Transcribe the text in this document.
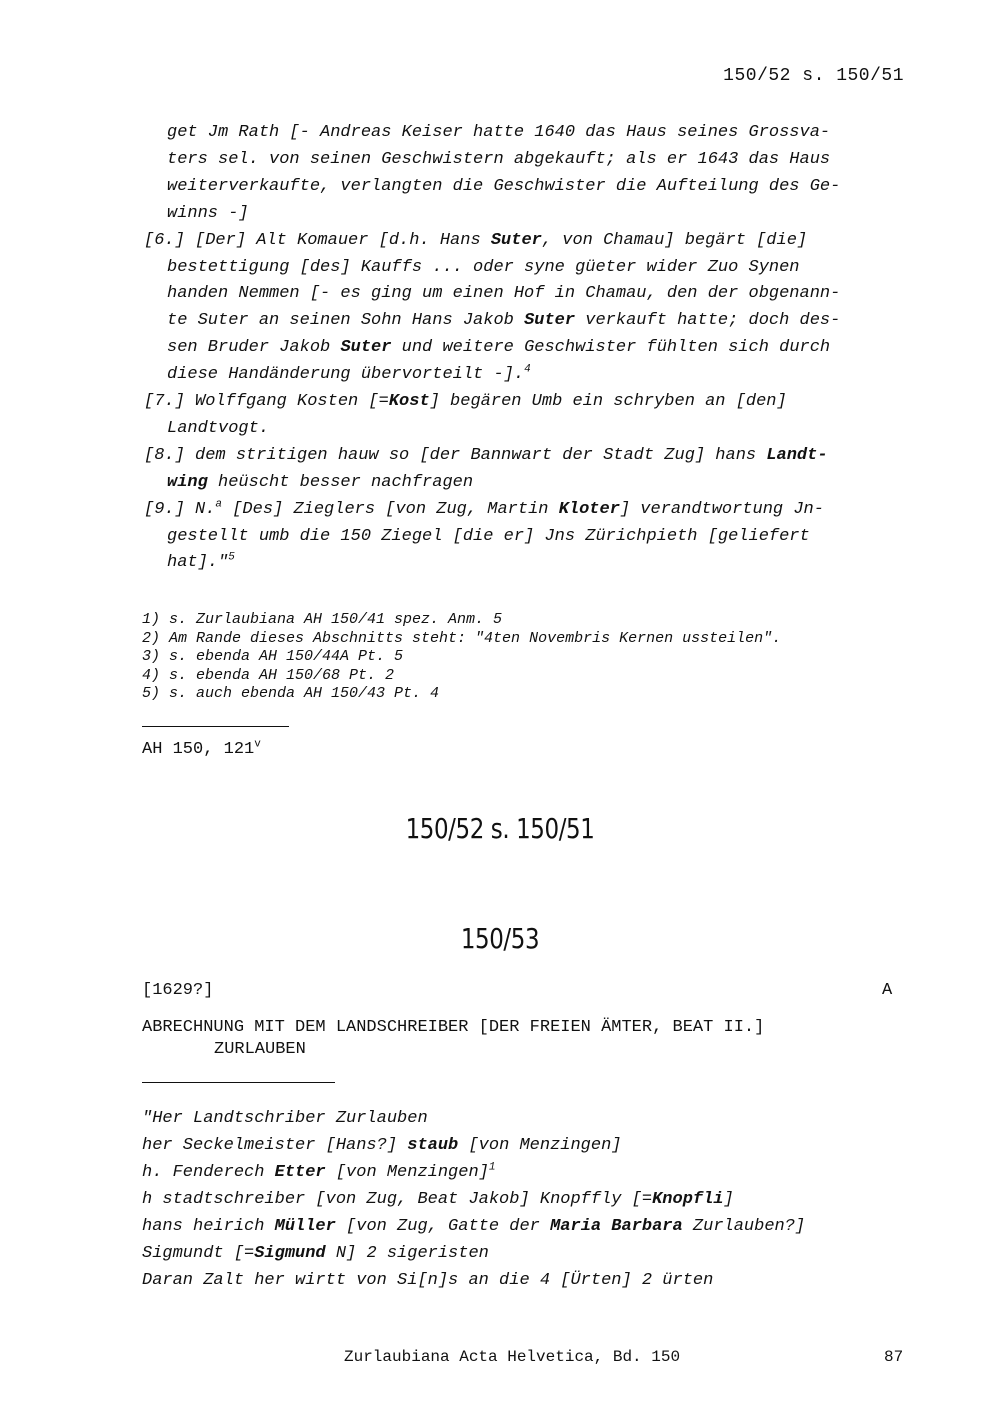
150/52 s. 150/51
get Jm Rath [- Andreas Keiser hatte 1640 das Haus seines Grossva-
ters sel. von seinen Geschwistern abgekauft; als er 1643 das Haus
weiterverkaufte, verlangten die Geschwister die Aufteilung des Ge-
winns -]
[6.] [Der] Alt Komauer [d.h. Hans Suter, von Chamau] begärt [die]
bestettigung [des] Kauffs ... oder syne güeter wider Zuo Synen
handen Nemmen [- es ging um einen Hof in Chamau, den der obgenann-
te Suter an seinen Sohn Hans Jakob Suter verkauft hatte; doch des-
sen Bruder Jakob Suter und weitere Geschwister fühlten sich durch
diese Handänderung übervorteilt -].$^4$
[7.] Wolffgang Kosten [=Kost] begären Umb ein schryben an [den]
Landtvogt.
[8.] dem stritigen hauw so [der Bannwart der Stadt Zug] hans Landt-
wing heüscht besser nachfragen
[9.] N.$^a$ [Des] Zieglers [von Zug, Martin Kloter] verandtwortung Jn-
gestellt umb die 150 Ziegel [die er] Jns Zürichpieth [geliefert
hat]."$^5$
1) s. Zurlaubiana AH 150/41 spez. Anm. 5
2) Am Rande dieses Abschnitts steht: "4ten Novembris Kernen ussteilen".
3) s. ebenda AH 150/44A Pt. 5
4) s. ebenda AH 150/68 Pt. 2
5) s. auch ebenda AH 150/43 Pt. 4
AH 150, 121$^v$
150/52 s. 150/51
150/53
[1629?]	A
ABRECHNUNG MIT DEM LANDSCHREIBER [DER FREIEN ÄMTER, BEAT II.]
ZURLAUBEN
"Her Landtschriber Zurlauben
her Seckelmeister [Hans?] staub [von Menzingen]
h. Fenderech Etter [von Menzingen]$^1$
h stadtschreiber [von Zug, Beat Jakob] Knopffly [=Knopfli]
hans heirich Müller [von Zug, Gatte der Maria Barbara Zurlauben?]
Sigmundt [=Sigmund N] 2 sigeristen
Daran Zalt her wirtt von Si[n]s an die 4 [Ürten] 2 ürten
Zurlaubiana Acta Helvetica, Bd. 150	87
